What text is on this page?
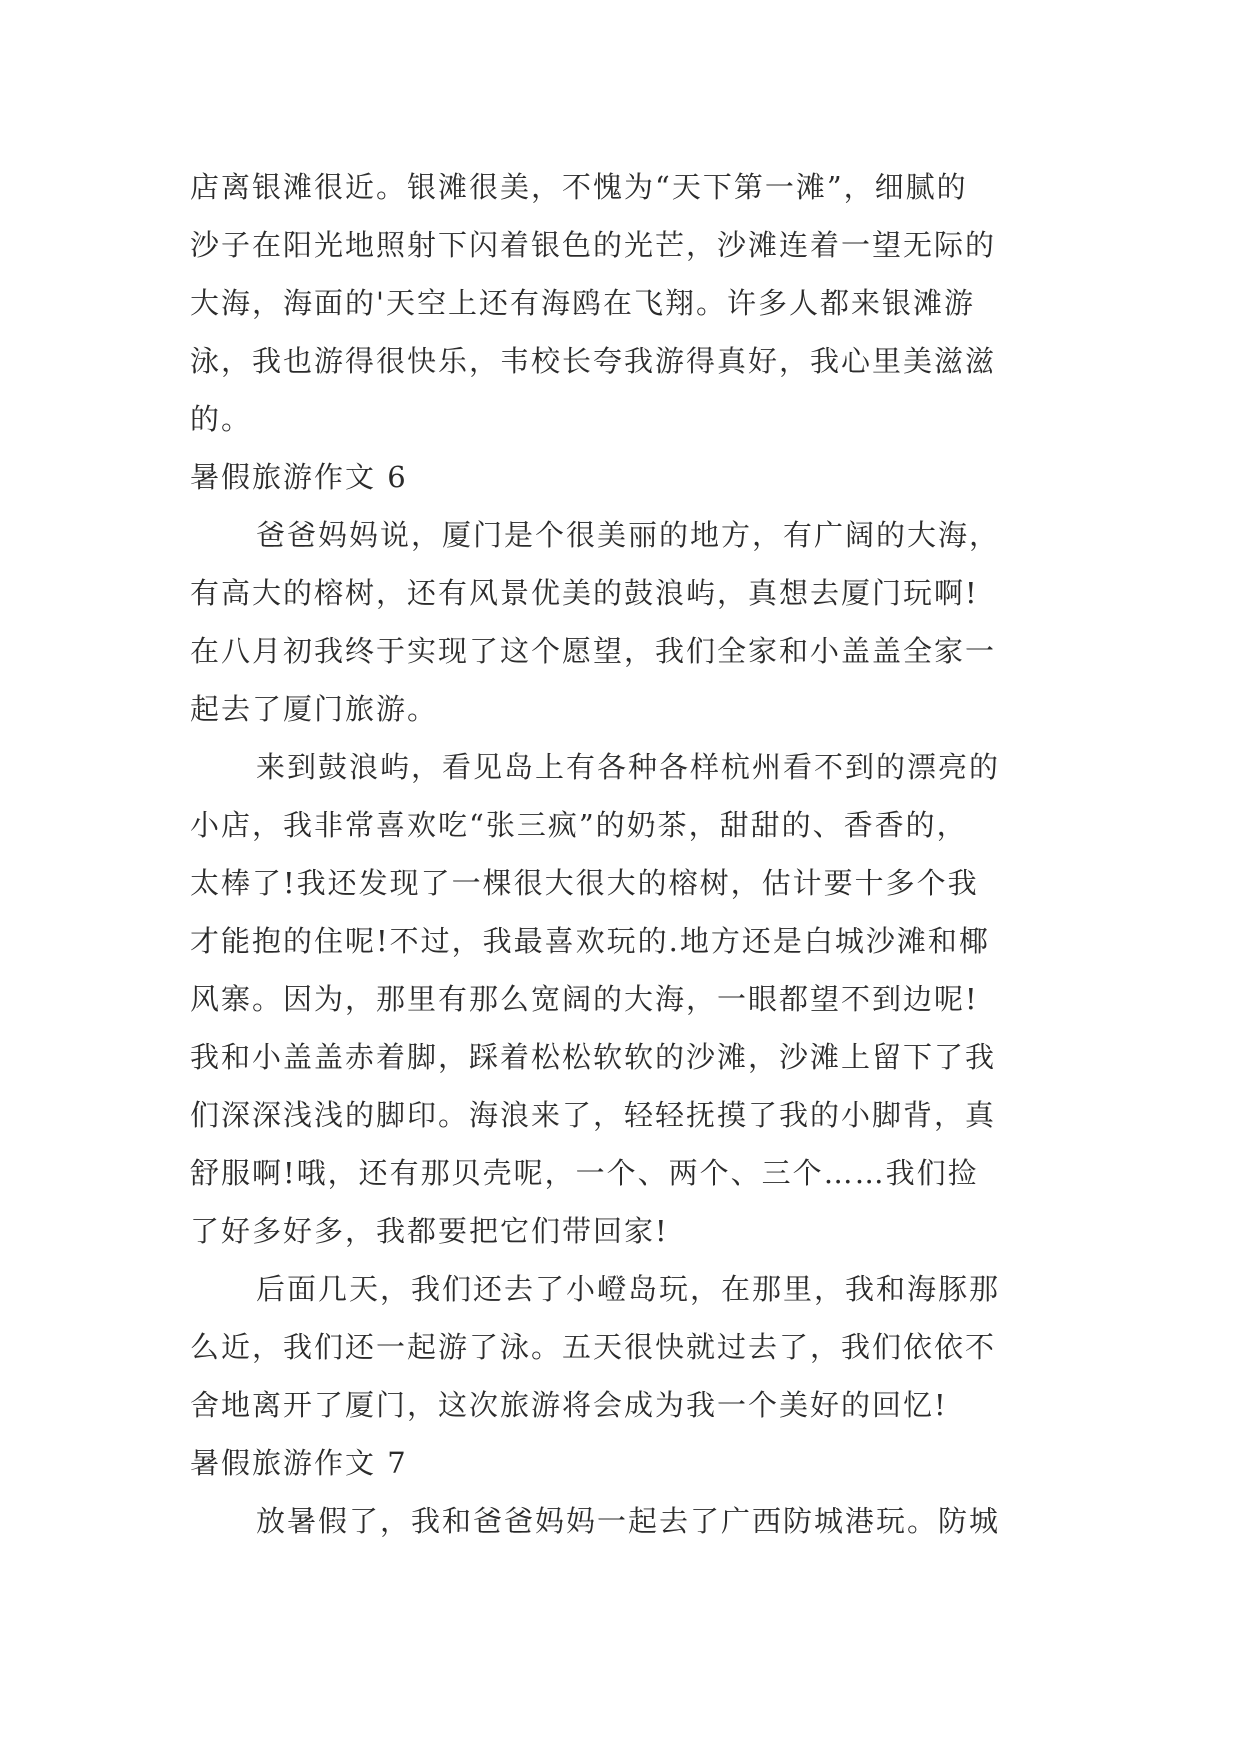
店离银滩很近。银滩很美，不愧为“天下第一滩”，细腻的
沙子在阳光地照射下闪着银色的光芒，沙滩连着一望无际的
大海，海面的'天空上还有海鸥在飞翔。许多人都来银滩游
泳，我也游得很快乐，韦校长夸我游得真好，我心里美滋滋
的。
暑假旅游作文 6
爸爸妈妈说，厦门是个很美丽的地方，有广阔的大海，
有高大的榕树，还有风景优美的鼓浪屿，真想去厦门玩啊!
在八月初我终于实现了这个愿望，我们全家和小盖盖全家一
起去了厦门旅游。
来到鼓浪屿，看见岛上有各种各样杭州看不到的漂亮的
小店，我非常喜欢吃“张三疯”的奶茶，甜甜的、香香的，
太棒了!我还发现了一棵很大很大的榕树，估计要十多个我
才能抱的住呢!不过，我最喜欢玩的.地方还是白城沙滩和椰
风寨。因为，那里有那么宽阔的大海，一眼都望不到边呢!
我和小盖盖赤着脚，踩着松松软软的沙滩，沙滩上留下了我
们深深浅浅的脚印。海浪来了，轻轻抚摸了我的小脚背，真
舒服啊!哦，还有那贝壳呢，一个、两个、三个……我们捡
了好多好多，我都要把它们带回家!
后面几天，我们还去了小嶝岛玩，在那里，我和海豚那
么近，我们还一起游了泳。五天很快就过去了，我们依依不
舍地离开了厦门，这次旅游将会成为我一个美好的回忆!
暑假旅游作文 7
放暑假了，我和爸爸妈妈一起去了广西防城港玩。防城
